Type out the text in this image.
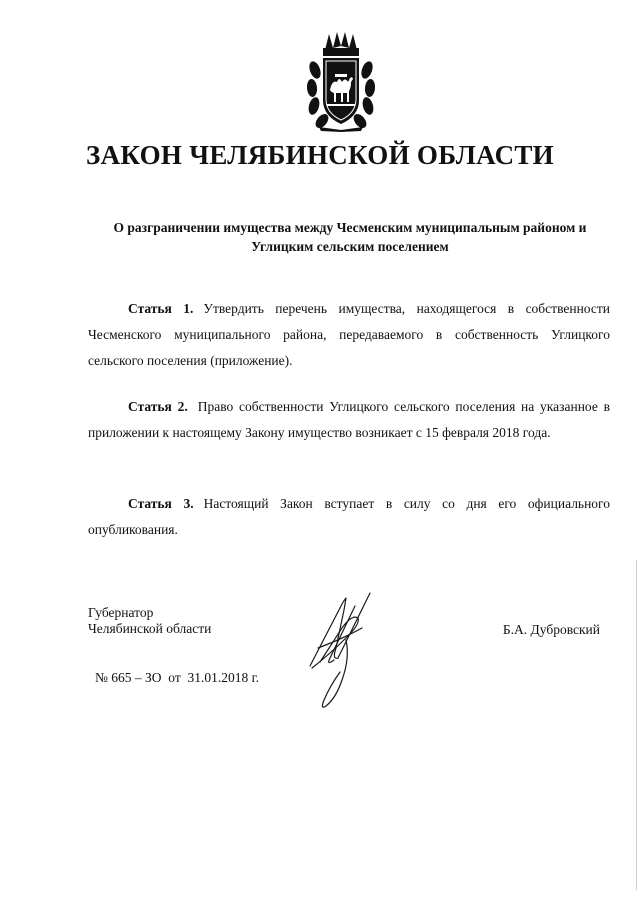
ЗАКОН ЧЕЛЯБИНСКОЙ ОБЛАСТИ
О разграничении имущества между Чесменским муниципальным районом и Углицким сельским поселением
Статья 1. Утвердить перечень имущества, находящегося в собственности Чесменского муниципального района, передаваемого в собственность Углицкого сельского поселения (приложение).
Статья 2. Право собственности Углицкого сельского поселения на указанное в приложении к настоящему Закону имущество возникает с 15 февраля 2018 года.
Статья 3. Настоящий Закон вступает в силу со дня его официального опубликования.
Губернатор
Челябинской области	Б.А. Дубровский
№ 665 – ЗО  от  31.01.2018 г.
